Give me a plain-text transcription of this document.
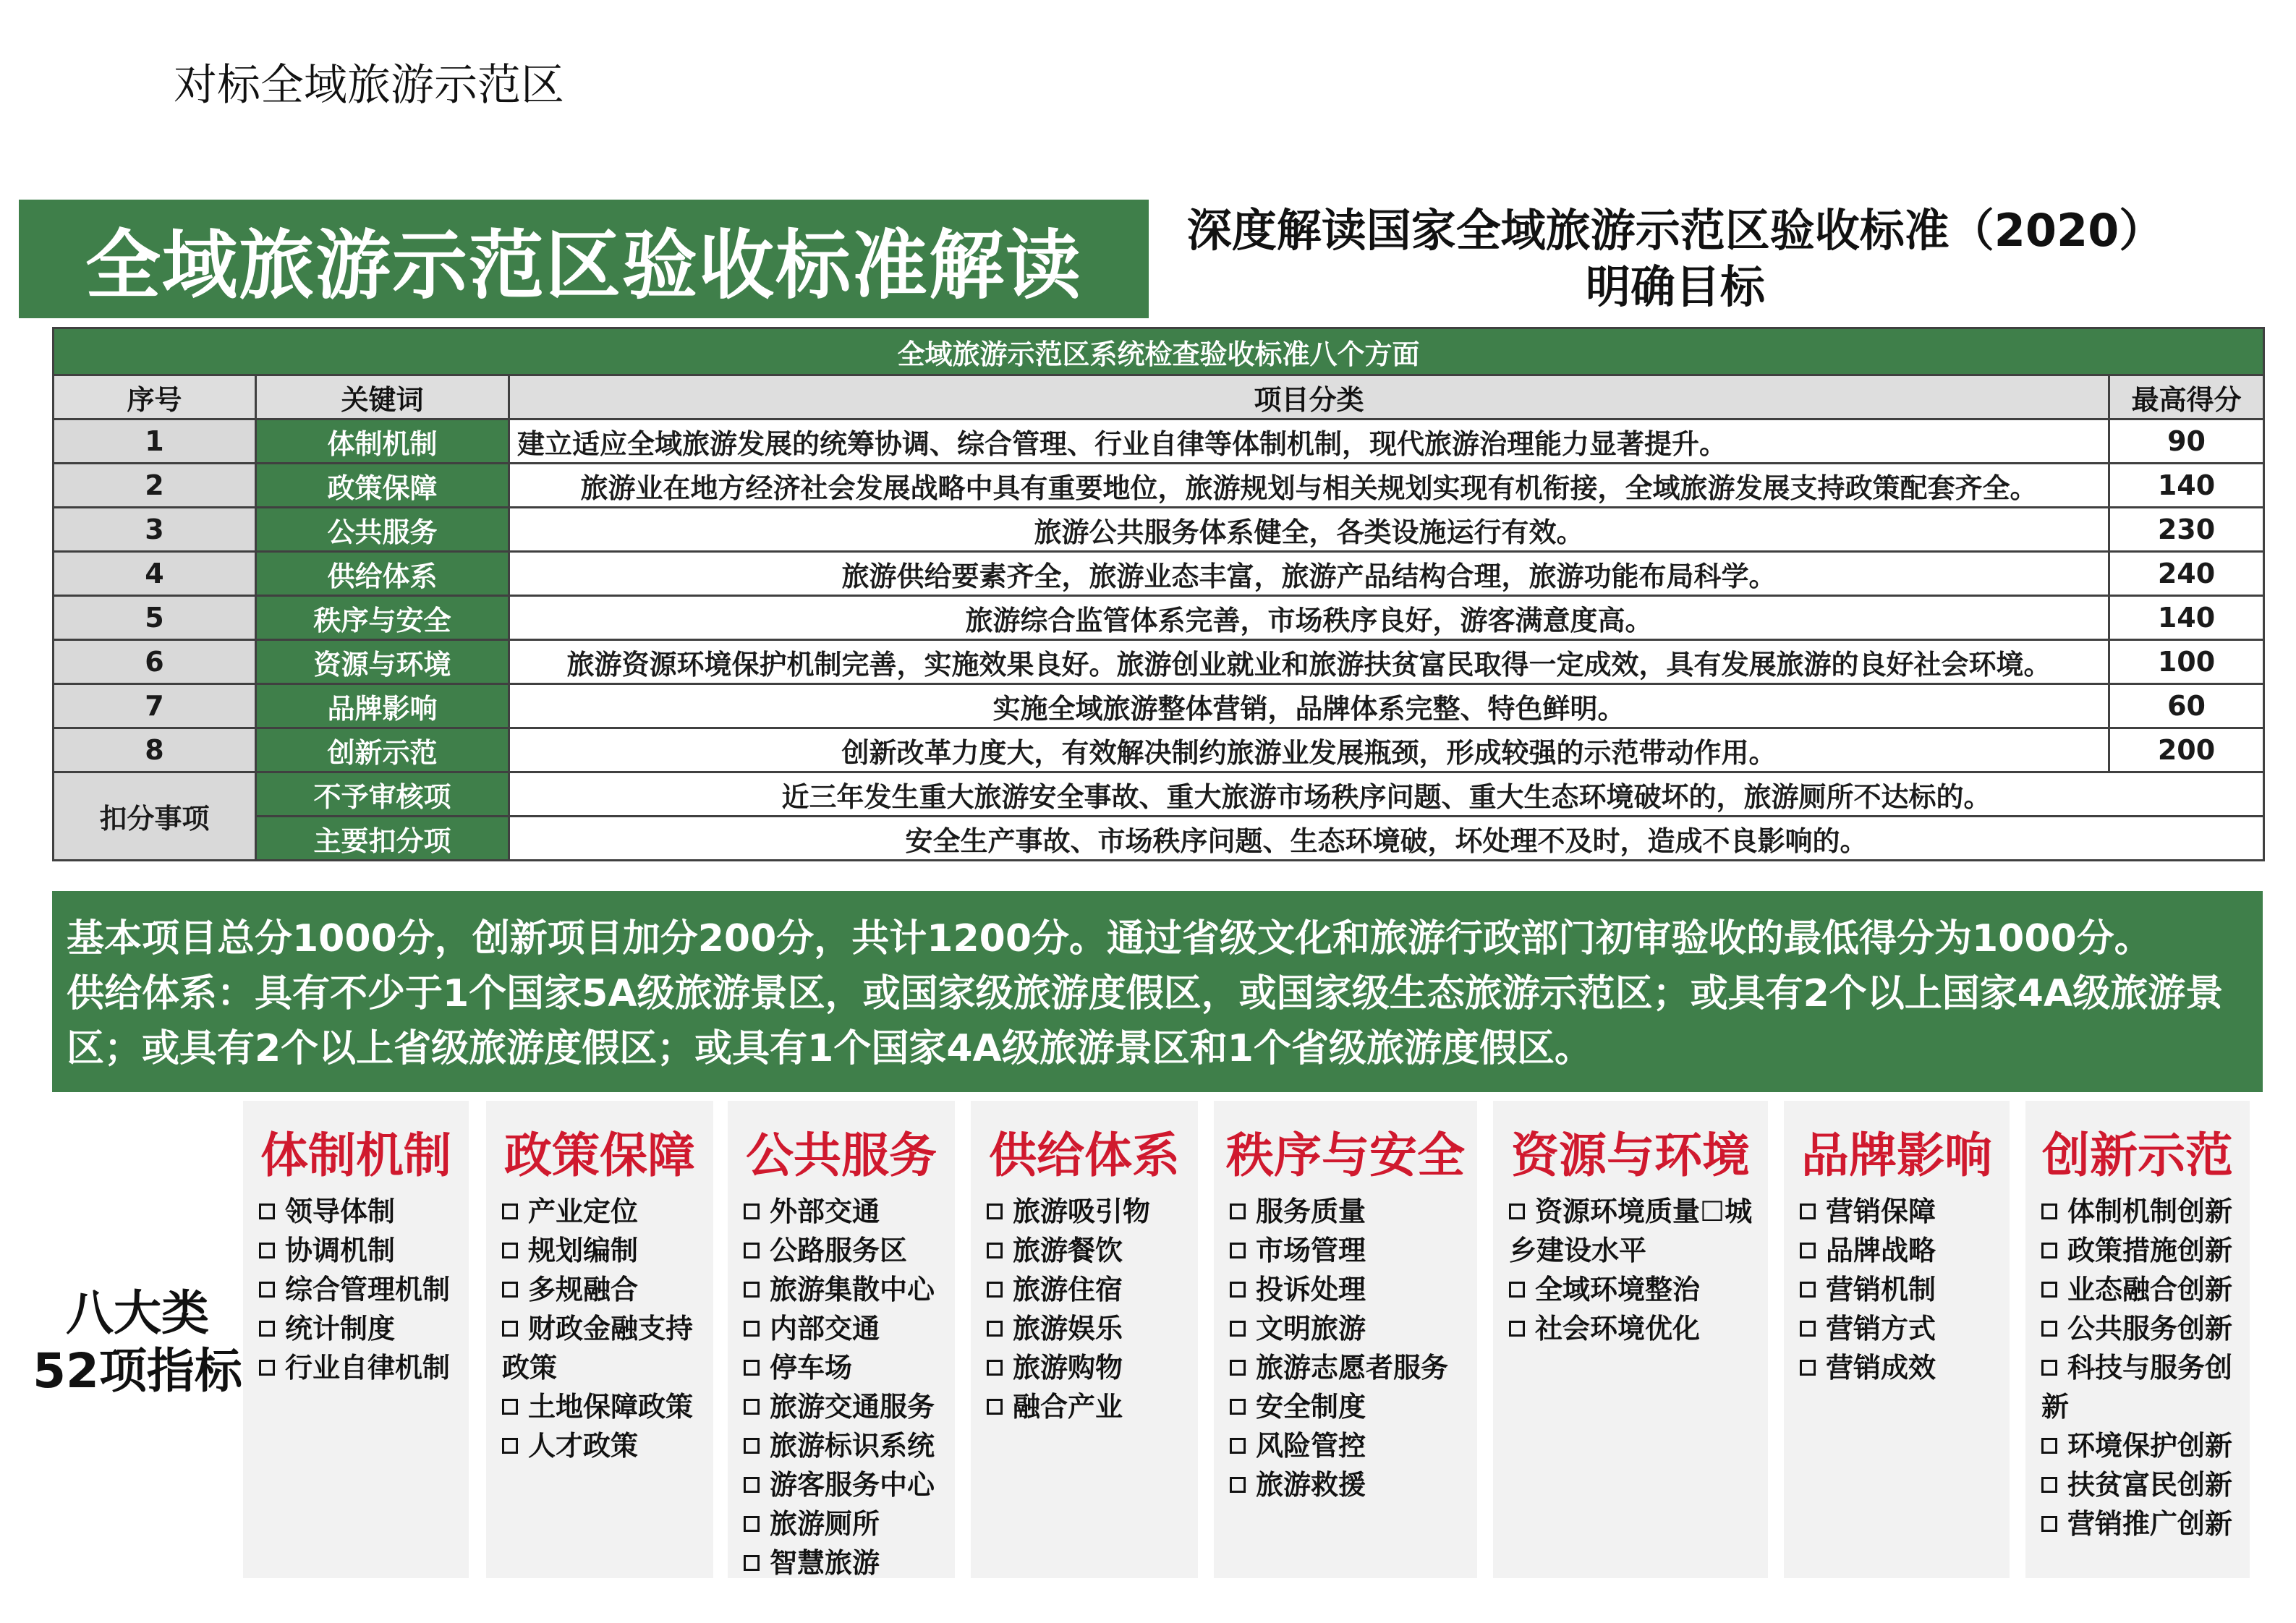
对标全域旅游示范区
全域旅游示范区验收标准解读	深度解读国家全域旅游示范区验收标准（2020）
明确目标
全域旅游示范区系统检查验收标准八个方面			
序号	关键词	项目分类	最高得分
1	体制机制	建立适应全域旅游发展的统筹协调、综合管理、行业自律等体制机制，现代旅游治理能力显著提升。	90
2	政策保障	旅游业在地方经济社会发展战略中具有重要地位，旅游规划与相关规划实现有机衔接，全域旅游发展支持政策配套齐全。	140
3	公共服务	旅游公共服务体系健全，各类设施运行有效。	230
4	供给体系	旅游供给要素齐全，旅游业态丰富，旅游产品结构合理，旅游功能布局科学。	240
5	秩序与安全	旅游综合监管体系完善，市场秩序良好，游客满意度高。	140
6	资源与环境	旅游资源环境保护机制完善，实施效果良好。旅游创业就业和旅游扶贫富民取得一定成效，具有发展旅游的良好社会环境。	100
7	品牌影响	实施全域旅游整体营销，品牌体系完整、特色鲜明。	60
8	创新示范	创新改革力度大，有效解决制约旅游业发展瓶颈，形成较强的示范带动作用。	200
扣分事项	不予审核项	近三年发生重大旅游安全事故、重大旅游市场秩序问题、重大生态环境破坏的，旅游厕所不达标的。	
	主要扣分项	安全生产事故、市场秩序问题、生态环境破，坏处理不及时，造成不良影响的。	

基本项目总分1000分，创新项目加分200分，共计1200分。通过省级文化和旅游行政部门初审验收的最低得分为1000分。

供给体系：具有不少于1个国家5A级旅游景区，或国家级旅游度假区，或国家级生态旅游示范区；或具有2个以上国家4A级旅游景区；或具有2个以上省级旅游度假区；或具有1个国家4A级旅游景区和1个省级旅游度假区。

八大类
52项指标
体制机制
领导体制
协调机制
综合管理机制
统计制度
行业自律机制
政策保障
产业定位
规划编制
多规融合
财政金融支持政策
土地保障政策
人才政策
公共服务
外部交通
公路服务区
旅游集散中心
内部交通
停车场
旅游交通服务
旅游标识系统
游客服务中心
旅游厕所
智慧旅游
供给体系
旅游吸引物
旅游餐饮
旅游住宿
旅游娱乐
旅游购物
融合产业
秩序与安全
服务质量
市场管理
投诉处理
文明旅游
旅游志愿者服务
安全制度
风险管控
旅游救援
资源与环境
资源环境质量☐城乡建设水平
全域环境整治
社会环境优化
品牌影响
营销保障
品牌战略
营销机制
营销方式
营销成效
创新示范
体制机制创新
政策措施创新
业态融合创新
公共服务创新
科技与服务创新
环境保护创新
扶贫富民创新
营销推广创新
